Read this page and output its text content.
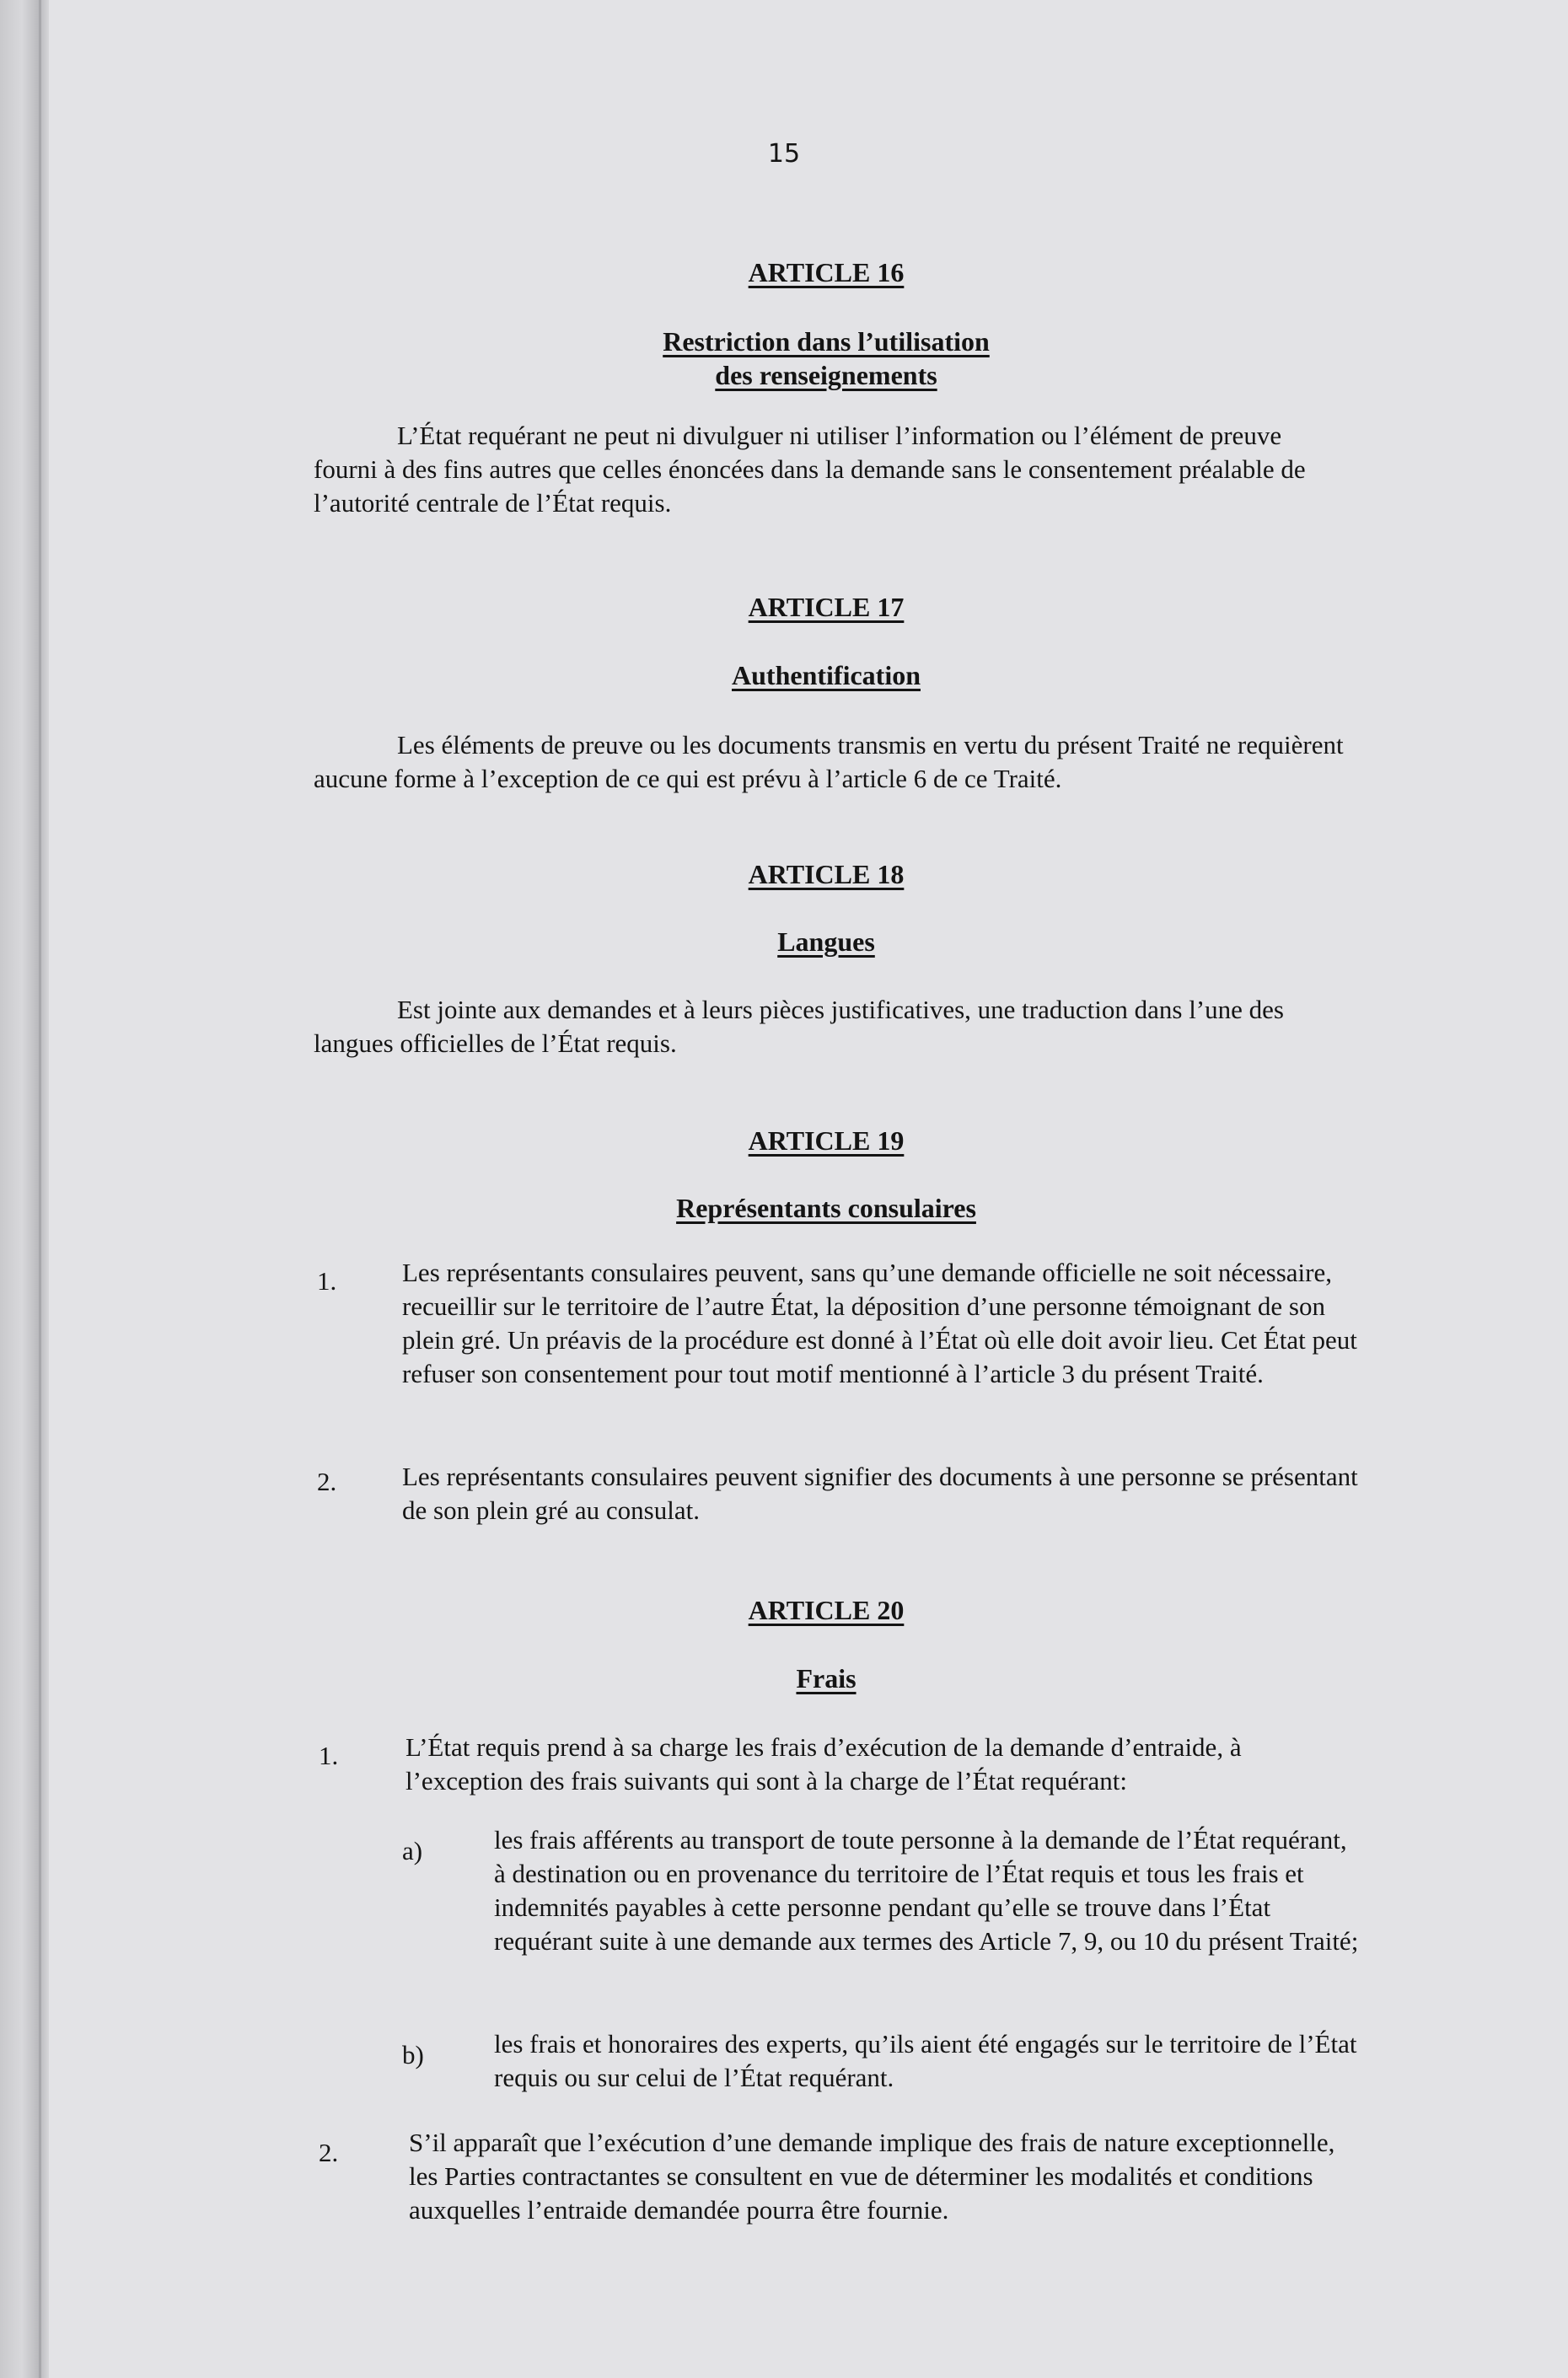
15
ARTICLE 16
Restriction dans l’utilisation
des renseignements

L’État requérant ne peut ni divulguer ni utiliser l’information ou l’élément de preuve fourni à des fins autres que celles énoncées dans la demande sans le consentement préalable de l’autorité centrale de l’État requis.

ARTICLE 17
Authentification

Les éléments de preuve ou les documents transmis en vertu du présent Traité ne requièrent aucune forme à l’exception de ce qui est prévu à l’article 6 de ce Traité.

ARTICLE 18
Langues

Est jointe aux demandes et à leurs pièces justificatives, une traduction dans l’une des langues officielles de l’État requis.

ARTICLE 19
Représentants consulaires
1.	Les représentants consulaires peuvent, sans qu’une demande officielle ne soit nécessaire, recueillir sur le territoire de l’autre État, la déposition d’une personne témoignant de son plein gré. Un préavis de la procédure est donné à l’État où elle doit avoir lieu. Cet État peut refuser son consentement pour tout motif mentionné à l’article 3 du présent Traité.

2.	Les représentants consulaires peuvent signifier des documents à une personne se présentant de son plein gré au consulat.

ARTICLE 20
Frais
1.	L’État requis prend à sa charge les frais d’exécution de la demande d’entraide, à l’exception des frais suivants qui sont à la charge de l’État requérant:

a)	les frais afférents au transport de toute personne à la demande de l’État requérant, à destination ou en provenance du territoire de l’État requis et tous les frais et indemnités payables à cette personne pendant qu’elle se trouve dans l’État requérant suite à une demande aux termes des Article 7, 9, ou 10 du présent Traité;

b)	les frais et honoraires des experts, qu’ils aient été engagés sur le territoire de l’État requis ou sur celui de l’État requérant.

2.	S’il apparaît que l’exécution d’une demande implique des frais de nature exceptionnelle, les Parties contractantes se consultent en vue de déterminer les modalités et conditions auxquelles l’entraide demandée pourra être fournie.
